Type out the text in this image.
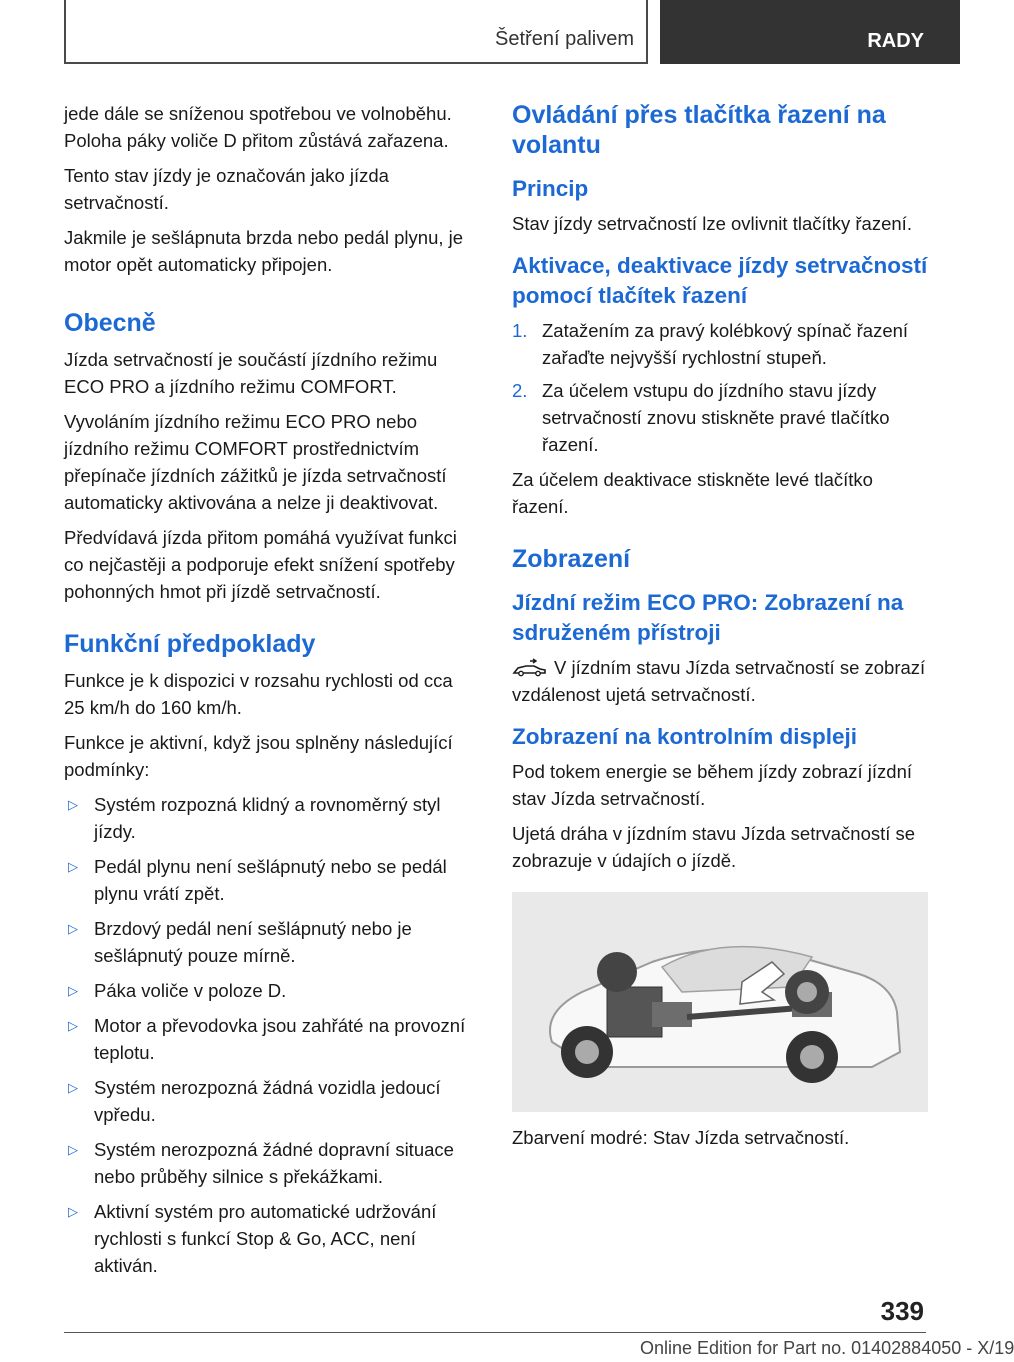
Šetření palivem	RADY

jede dále se sníženou spotřebou ve volnoběhu. Poloha páky voliče D přitom zůstává zařazena.

Tento stav jízdy je označován jako jízda setrvačností.

Jakmile je sešlápnuta brzda nebo pedál plynu, je motor opět automaticky připojen.

Obecně

Jízda setrvačností je součástí jízdního režimu ECO PRO a jízdního režimu COMFORT.

Vyvoláním jízdního režimu ECO PRO nebo jízdního režimu COMFORT prostřednictvím přepínače jízdních zážitků je jízda setrvačností automaticky aktivována a nelze ji deaktivovat.

Předvídavá jízda přitom pomáhá využívat funkci co nejčastěji a podporuje efekt snížení spotřeby pohonných hmot při jízdě setrvačností.

Funkční předpoklady

Funkce je k dispozici v rozsahu rychlosti od cca 25 km/h do 160 km/h.

Funkce je aktivní, když jsou splněny následující podmínky:

▷ Systém rozpozná klidný a rovnoměrný styl jízdy.
▷ Pedál plynu není sešlápnutý nebo se pedál plynu vrátí zpět.
▷ Brzdový pedál není sešlápnutý nebo je sešlápnutý pouze mírně.
▷ Páka voliče v poloze D.
▷ Motor a převodovka jsou zahřáté na provozní teplotu.
▷ Systém nerozpozná žádná vozidla jedoucí vpředu.
▷ Systém nerozpozná žádné dopravní situace nebo průběhy silnice s překážkami.
▷ Aktivní systém pro automatické udržování rychlosti s funkcí Stop & Go, ACC, není aktiván.
Ovládání přes tlačítka řazení na volantu
Princip

Stav jízdy setrvačností lze ovlivnit tlačítky řazení.

Aktivace, deaktivace jízdy setrvačností pomocí tlačítek řazení
1. Zatažením za pravý kolébkový spínač řazení zařaďte nejvyšší rychlostní stupeň.
2. Za účelem vstupu do jízdního stavu jízdy setrvačností znovu stiskněte pravé tlačítko řazení.

Za účelem deaktivace stiskněte levé tlačítko řazení.

Zobrazení
Jízdní režim ECO PRO: Zobrazení na sdruženém přístroji

V jízdním stavu Jízda setrvačností se zobrazí vzdálenost ujetá setrvačností.

Zobrazení na kontrolním displeji

Pod tokem energie se během jízdy zobrazí jízdní stav Jízda setrvačností.

Ujetá dráha v jízdním stavu Jízda setrvačností se zobrazuje v údajích o jízdě.

Zbarvení modré: Stav Jízda setrvačností.

339
Online Edition for Part no. 01402884050 - X/19
